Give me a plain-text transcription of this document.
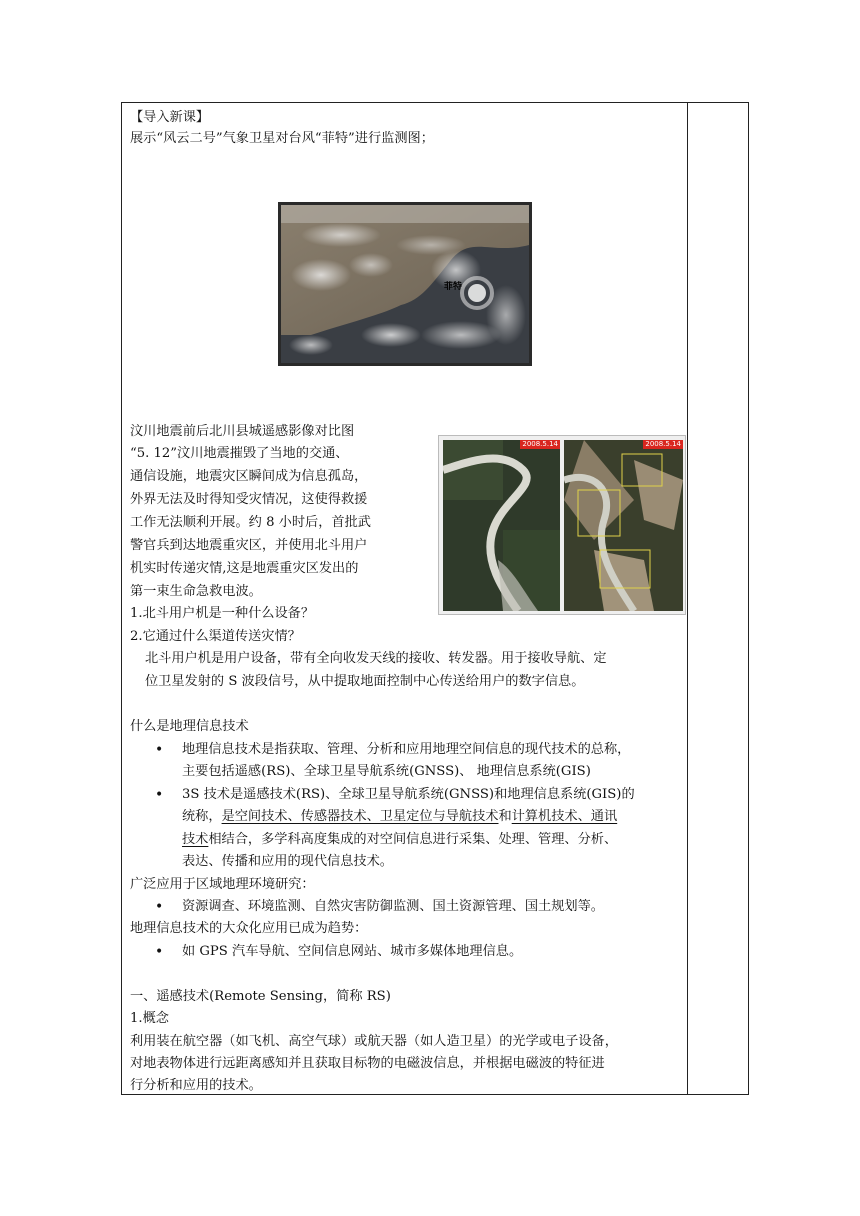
【导入新课】
展示“风云二号”气象卫星对台风“菲特”进行监测图；
菲特
汶川地震前后北川县城遥感影像对比图
“5. 12”汶川地震摧毁了当地的交通、
通信设施，地震灾区瞬间成为信息孤岛，
外界无法及时得知受灾情况，这使得救援
工作无法顺利开展。约 8 小时后，首批武
警官兵到达地震重灾区，并使用北斗用户
机实时传递灾情,这是地震重灾区发出的
第一束生命急救电波。
2008.5.14	2008.5.14
1.北斗用户机是一种什么设备？
2.它通过什么渠道传送灾情？
北斗用户机是用户设备，带有全向收发天线的接收、转发器。用于接收导航、定
位卫星发射的 S 波段信号，从中提取地面控制中心传送给用户的数字信息。
什么是地理信息技术
• 地理信息技术是指获取、管理、分析和应用地理空间信息的现代技术的总称，
主要包括遥感(RS)、全球卫星导航系统(GNSS)、 地理信息系统(GIS)
• 3S 技术是遥感技术(RS)、全球卫星导航系统(GNSS)和地理信息系统(GIS)的
统称，是空间技术、传感器技术、卫星定位与导航技术和计算机技术、通讯
技术相结合，多学科高度集成的对空间信息进行采集、处理、管理、分析、
表达、传播和应用的现代信息技术。
广泛应用于区域地理环境研究：
• 资源调查、环境监测、自然灾害防御监测、国土资源管理、国土规划等。
地理信息技术的大众化应用已成为趋势：
• 如 GPS 汽车导航、空间信息网站、城市多媒体地理信息。
一、遥感技术(Remote Sensing，简称 RS)
1.概念
利用装在航空器（如飞机、高空气球）或航天器（如人造卫星）的光学或电子设备，
对地表物体进行远距离感知并且获取目标物的电磁波信息，并根据电磁波的特征进
行分析和应用的技术。
